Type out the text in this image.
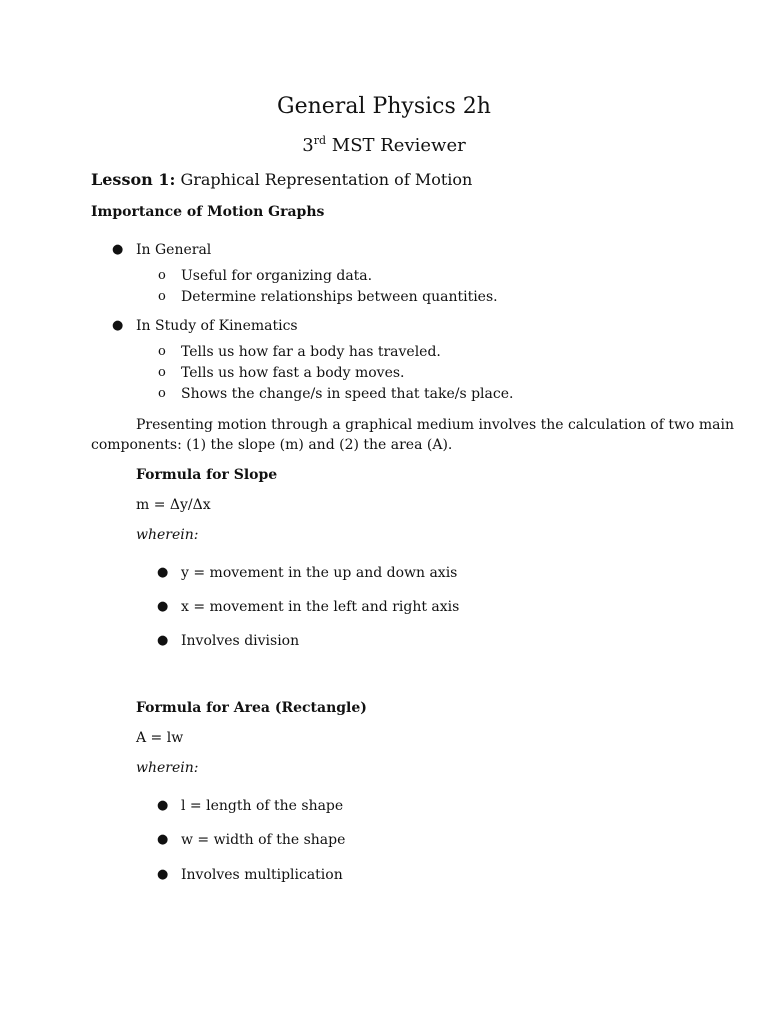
General Physics 2h
3rd MST Reviewer
Lesson 1: Graphical Representation of Motion
Importance of Motion Graphs
● In General
o Useful for organizing data.
o Determine relationships between quantities.
● In Study of Kinematics
o Tells us how far a body has traveled.
o Tells us how fast a body moves.
o Shows the change/s in speed that take/s place.
Presenting motion through a graphical medium involves the calculation of two main
components: (1) the slope (m) and (2) the area (A).
Formula for Slope
m = Δy/Δx
wherein:
● y = movement in the up and down axis
● x = movement in the left and right axis
● Involves division
Formula for Area (Rectangle)
A = lw
wherein:
● l = length of the shape
● w = width of the shape
● Involves multiplication
